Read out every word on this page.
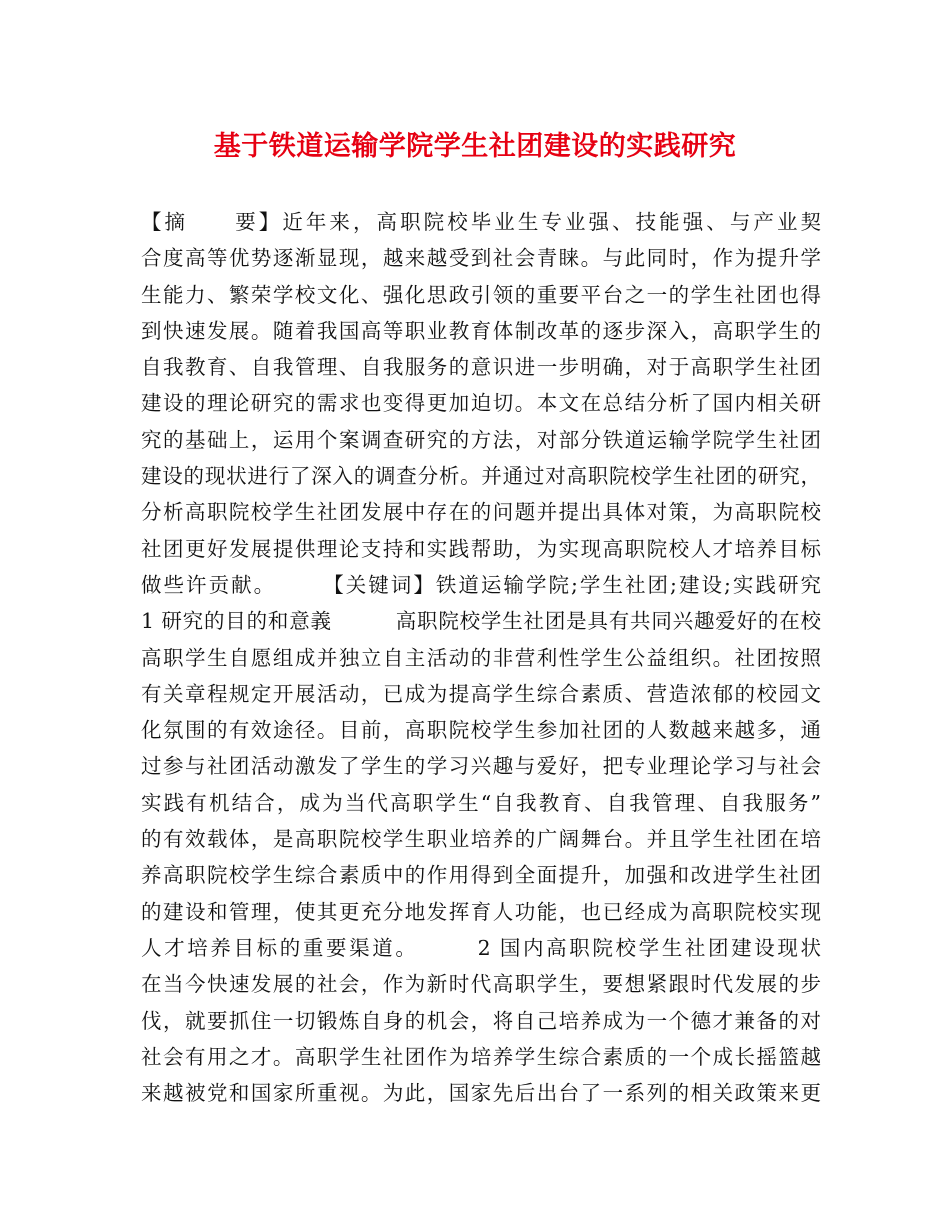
基于铁道运输学院学生社团建设的实践研究
【摘　　要】近年来，高职院校毕业生专业强、技能强、与产业契
合度高等优势逐渐显现，越来越受到社会青睐。与此同时，作为提升学
生能力、繁荣学校文化、强化思政引领的重要平台之一的学生社团也得
到快速发展。随着我国高等职业教育体制改革的逐步深入，高职学生的
自我教育、自我管理、自我服务的意识进一步明确，对于高职学生社团
建设的理论研究的需求也变得更加迫切。本文在总结分析了国内相关研
究的基础上，运用个案调查研究的方法，对部分铁道运输学院学生社团
建设的现状进行了深入的调查分析。并通过对高职院校学生社团的研究，
分析高职院校学生社团发展中存在的问题并提出具体对策，为高职院校
社团更好发展提供理论支持和实践帮助，为实现高职院校人才培养目标
做些许贡献。　　　【关键词】铁道运输学院;学生社团;建设;实践研究
1 研究的目的和意義　　　高职院校学生社团是具有共同兴趣爱好的在校
高职学生自愿组成并独立自主活动的非营利性学生公益组织。社团按照
有关章程规定开展活动，已成为提高学生综合素质、营造浓郁的校园文
化氛围的有效途径。目前，高职院校学生参加社团的人数越来越多，通
过参与社团活动激发了学生的学习兴趣与爱好，把专业理论学习与社会
实践有机结合，成为当代高职学生“自我教育、自我管理、自我服务”
的有效载体，是高职院校学生职业培养的广阔舞台。并且学生社团在培
养高职院校学生综合素质中的作用得到全面提升，加强和改进学生社团
的建设和管理，使其更充分地发挥育人功能，也已经成为高职院校实现
人才培养目标的重要渠道。　　　2 国内高职院校学生社团建设现状
在当今快速发展的社会，作为新时代高职学生，要想紧跟时代发展的步
伐，就要抓住一切锻炼自身的机会，将自己培养成为一个德才兼备的对
社会有用之才。高职学生社团作为培养学生综合素质的一个成长摇篮越
来越被党和国家所重视。为此，国家先后出台了一系列的相关政策来更
